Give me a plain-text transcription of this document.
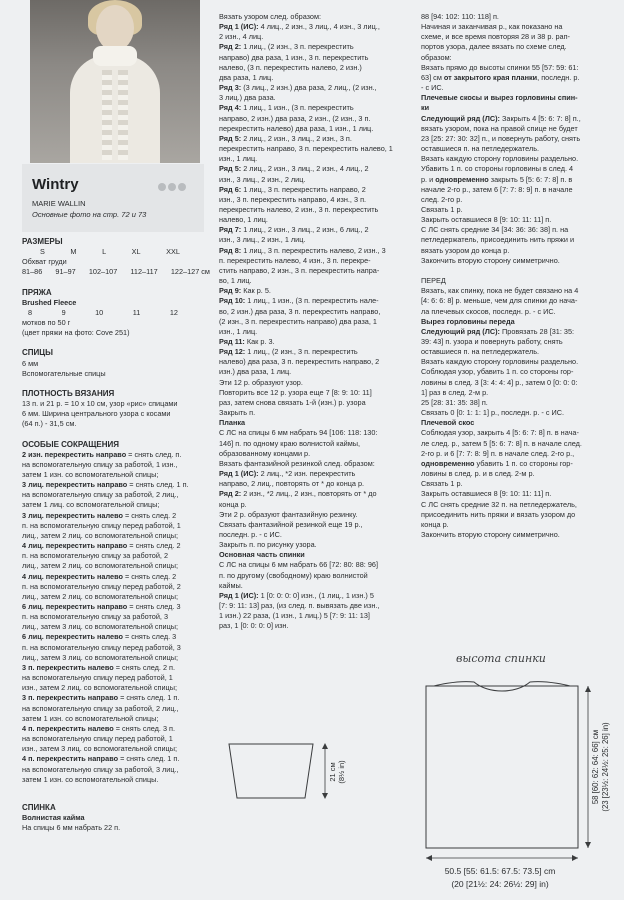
Wintry

MARIE WALLIN

Основные фото на стр. 72 и 73

РАЗМЕРЫ

S	M	L	XL	XXL

Обхват груди

81–86 91–97 102–107 112–117 122–127 см

ПРЯЖА

Brushed Fleece

8	9	10	11	12

мотков по 50 г

(цвет пряжи на фото: Cove 251)

СПИЦЫ

6 мм

Вспомогательные спицы

ПЛОТНОСТЬ ВЯЗАНИЯ

13 п. и 21 р. = 10 х 10 см, узор «рис» спицами

6 мм. Ширина центрального узора с косами

(64 п.) - 31,5 см.

ОСОБЫЕ СОКРАЩЕНИЯ

2 изн. перекрестить направо = снять след. п.

на вспомогательную спицу за работой, 1 изн.,

затем 1 изн. со вспомогательной спицы;

3 лиц. перекрестить направо = снять след. 1 п.

на вспомогательную спицу за работой, 2 лиц.,

затем 1 лиц. со вспомогательной спицы;

3 лиц. перекрестить налево = снять след. 2

п. на вспомогательную спицу перед работой, 1

лиц., затем 2 лиц. со вспомогательной спицы;

4 лиц. перекрестить направо = снять след. 2

п. на вспомогательную спицу за работой, 2

лиц., затем 2 лиц. со вспомогательной спицы;

4 лиц. перекрестить налево = снять след. 2

п. на вспомогательную спицу перед работой, 2

лиц., затем 2 лиц. со вспомогательной спицы;

6 лиц. перекрестить направо = снять след. 3

п. на вспомогательную спицу за работой, 3

лиц., затем 3 лиц. со вспомогательной спицы;

6 лиц. перекрестить налево = снять след. 3

п. на вспомогательную спицу перед работой, 3

лиц., затем 3 лиц. со вспомогательной спицы;

3 п. перекрестить налево = снять след. 2 п.

на вспомогательную спицу перед работой, 1

изн., затем 2 лиц. со вспомогательной спицы;

3 п. перекрестить направо = снять след. 1 п.

на вспомогательную спицу за работой, 2 лиц.,

затем 1 изн. со вспомогательной спицы;

4 п. перекрестить налево = снять след. 3 п.

на вспомогательную спицу перед работой, 1

изн., затем 3 лиц. со вспомогательной спицы;

4 п. перекрестить направо = снять след. 1 п.

на вспомогательную спицу за работой, 3 лиц.,

затем 1 изн. со вспомогательной спицы.

СПИНКА

Волнистая кайма

На спицы 6 мм набрать 22 п.

Вязать узором след. образом:

Ряд 1 (ИС): 4 лиц., 2 изн., 3 лиц., 4 изн., 3 лиц.,

2 изн., 4 лиц.

Ряд 2: 1 лиц., (2 изн., 3 п. перекрестить

направо) два раза, 1 изн., 3 п. перекрестить

налево, (3 п. перекрестить налево, 2 изн.)

два раза, 1 лиц.

Ряд 3: (3 лиц., 2 изн.) два раза, 2 лиц., (2 изн.,

3 лиц.) два раза.

Ряд 4: 1 лиц., 1 изн., (3 п. перекрестить

направо, 2 изн.) два раза, 2 изн., (2 изн., 3 п.

перекрестить налево) два раза, 1 изн., 1 лиц.

Ряд 5: 2 лиц., 2 изн., 3 лиц., 2 изн., 3 п.

перекрестить направо, 3 п. перекрестить налево, 1

изн., 1 лиц.

Ряд 5: 2 лиц., 2 изн., 3 лиц., 2 изн., 4 лиц., 2

изн., 3 лиц., 2 изн., 2 лиц.

Ряд 6: 1 лиц., 3 п. перекрестить направо, 2

изн., 3 п. перекрестить направо, 4 изн., 3 п.

перекрестить налево, 2 изн., 3 п. перекрестить

налево, 1 лиц.

Ряд 7: 1 лиц., 2 изн., 3 лиц., 2 изн., 6 лиц., 2

изн., 3 лиц., 2 изн., 1 лиц.

Ряд 8: 1 лиц., 3 п. перекрестить налево, 2 изн., 3

п. перекрестить налево, 4 изн., 3 п. перекре-

стить направо, 2 изн., 3 п. перекрестить напра-

во, 1 лиц.

Ряд 9: Как р. 5.

Ряд 10: 1 лиц., 1 изн., (3 п. перекрестить нале-

во, 2 изн.) два раза, 3 п. перекрестить направо,

(2 изн., 3 п. перекрестить направо) два раза, 1

изн., 1 лиц.

Ряд 11: Как р. 3.

Ряд 12: 1 лиц., (2 изн., 3 п. перекрестить

налево) два раза, 3 п. перекрестить направо, 2

изн.) два раза, 1 лиц.

Эти 12 р. образуют узор.

Повторить все 12 р. узора еще 7 [8: 9: 10: 11]

раз, затем снова связать 1-й (изн.) р. узора

Закрыть п.

Планка

С ЛС на спицы 6 мм набрать 94 [106: 118: 130:

146] п. по одному краю волнистой каймы,

образованному концами р.

Вязать фантазийной резинкой след. образом:

Ряд 1 (ИС): 2 лиц., *2 изн. перекрестить

направо, 2 лиц., повторять от * до конца р.

Ряд 2: 2 изн., *2 лиц., 2 изн., повторять от * до

конца р.

Эти 2 р. образуют фантазийную резинку.

Связать фантазийной резинкой еще 19 р.,

последн. р. - с ИС.

Закрыть п. по рисунку узора.

Основная часть спинки

С ЛС на спицы 6 мм набрать 66 [72: 80: 88: 96]

п. по другому (свободному) краю волнистой

каймы.

Ряд 1 (ИС): 1 [0: 0: 0: 0] изн., (1 лиц., 1 изн.) 5

[7: 9: 11: 13] раз, (из след. п. вывязать две изн.,

1 изн.) 22 раза, (1 изн., 1 лиц.) 5 [7: 9: 11: 13]

раз, 1 [0: 0: 0: 0] изн.

88 [94: 102: 110: 118] п.

Начиная и заканчивая р., как показано на

схеме, и все время повторяя 28 и 38 р. рап-

портов узора, далее вязать по схеме след.

образом:

Вязать прямо до высоты спинки 55 [57: 59: 61:

63] см от закрытого края планки, последн. р.

- с ИС.

Плечевые скосы и вырез горловины спин-

ки

Следующий ряд (ЛС): Закрыть 4 [5: 6: 7: 8] п.,

вязать узором, пока на правой спице не будет

23 [25: 27: 30: 32] п., и повернуть работу, снять

оставшиеся п. на петледержатель.

Вязать каждую сторону горловины раздельно.

Убавить 1 п. со стороны горловины в след. 4

р. и одновременно закрыть 5 [5: 6: 7: 8] п. в

начале 2-го р., затем 6 [7: 7: 8: 9] п. в начале

след. 2-го р.

Связать 1 р.

Закрыть оставшиеся 8 [9: 10: 11: 11] п.

С ЛС снять средние 34 [34: 36: 36: 38] п. на

петледержатель, присоединить нить пряжи и

вязать узором до конца р.

Закончить вторую сторону симметрично.

ПЕРЕД

Вязать, как спинку, пока не будет связано на 4

[4: 6: 6: 8] р. меньше, чем для спинки до нача-

ла плечевых скосов, последн. р. - с ИС.

Вырез горловины переда

Следующий ряд (ЛС): Провязать 28 [31: 35:

39: 43] п. узора и повернуть работу, снять

оставшиеся п. на петледержатель.

Вязать каждую сторону горловины раздельно.

Соблюдая узор, убавить 1 п. со стороны гор-

ловины в след. 3 [3: 4: 4: 4] р., затем 0 [0: 0: 0:

1] раз в след. 2-м р.

25 [28: 31: 35: 38] п.

Связать 0 [0: 1: 1: 1] р., последн. р. - с ИС.

Плечевой скос

Соблюдая узор, закрыть 4 [5: 6: 7: 8] п. в нача-

ле след. р., затем 5 [5: 6: 7: 8] п. в начале след.

2-го р. и 6 [7: 7: 8: 9] п. в начале след. 2-го р.,

одновременно убавить 1 п. со стороны гор-

ловины в след. р. и в след. 2-м р.

Связать 1 р.

Закрыть оставшиеся 8 [9: 10: 11: 11] п.

С ЛС снять средние 32 п. на петледержатель,

присоединить нить пряжи и вязать узором до

конца р.

Закончить вторую сторону симметрично.

21 см (8½ in)
высота спинки
58 [60: 62: 64: 66] см (23 [23½: 24½: 25: 26] in)
50.5 [55: 61.5: 67.5: 73.5] cm
(20 [21½: 24: 26½: 29] in)
